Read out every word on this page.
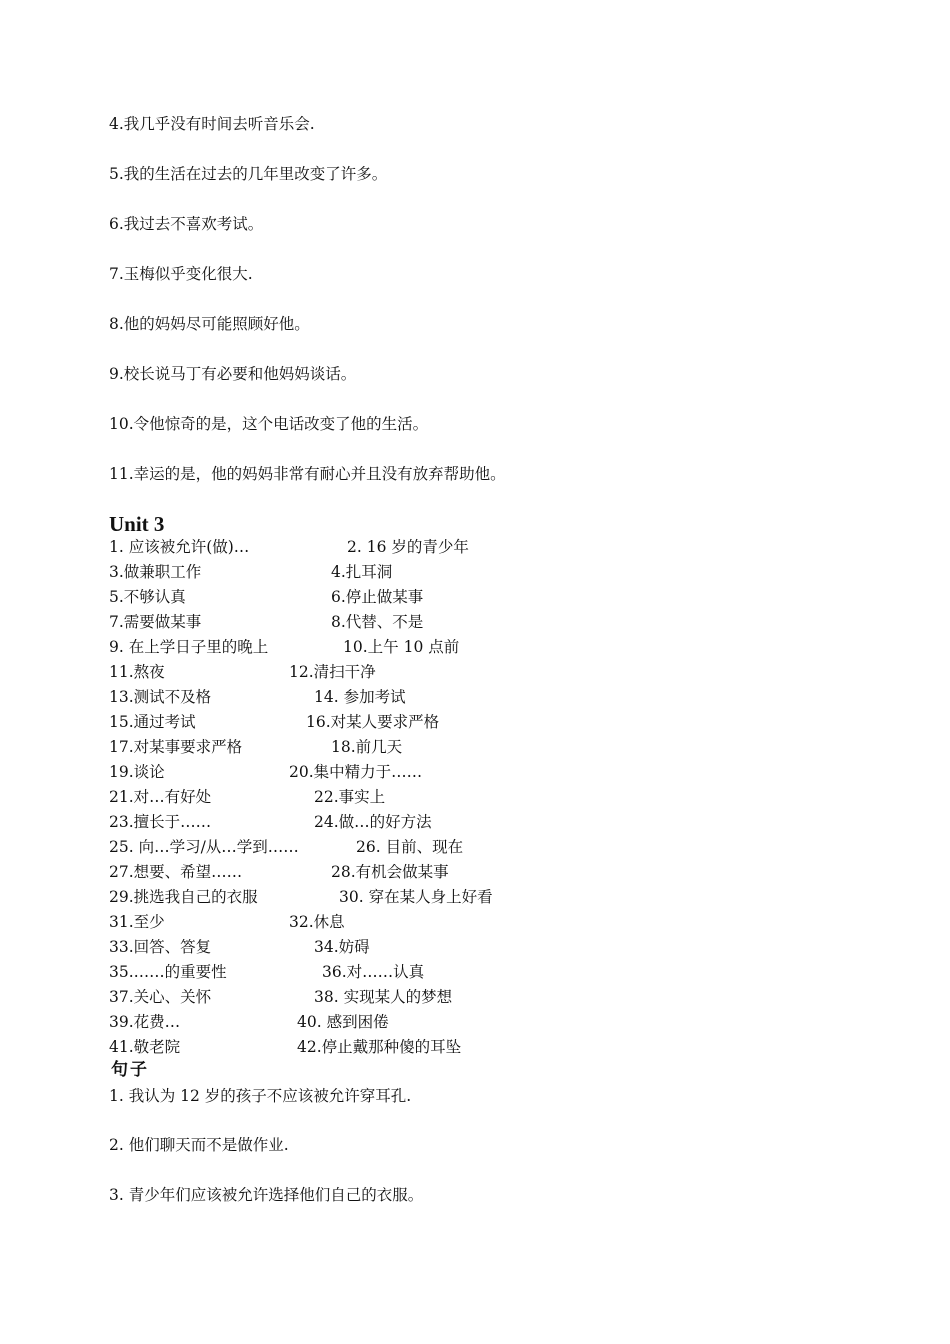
4.我几乎没有时间去听音乐会.
5.我的生活在过去的几年里改变了许多。
6.我过去不喜欢考试。
7.玉梅似乎变化很大.
8.他的妈妈尽可能照顾好他。
9.校长说马丁有必要和他妈妈谈话。
10.令他惊奇的是，这个电话改变了他的生活。
11.幸运的是，他的妈妈非常有耐心并且没有放弃帮助他。
Unit 3
1. 应该被允许(做)…	2. 16 岁的青少年
3.做兼职工作	4.扎耳洞
5.不够认真	6.停止做某事
7.需要做某事	8.代替、不是
9. 在上学日子里的晚上	10.上午 10 点前
11.熬夜	12.清扫干净
13.测试不及格	14. 参加考试
15.通过考试	16.对某人要求严格
17.对某事要求严格	18.前几天
19.谈论	20.集中精力于……
21.对…有好处	22.事实上
23.擅长于……	24.做…的好方法
25. 向…学习/从…学到……	26. 目前、现在
27.想要、希望……	28.有机会做某事
29.挑选我自己的衣服	30. 穿在某人身上好看
31.至少	32.休息
33.回答、答复	34.妨碍
35.……的重要性	36.对……认真
37.关心、关怀	38. 实现某人的梦想
39.花费…	40. 感到困倦
41.敬老院	42.停止戴那种傻的耳坠
句子
1. 我认为 12 岁的孩子不应该被允许穿耳孔.
2. 他们聊天而不是做作业.
3. 青少年们应该被允许选择他们自己的衣服。
